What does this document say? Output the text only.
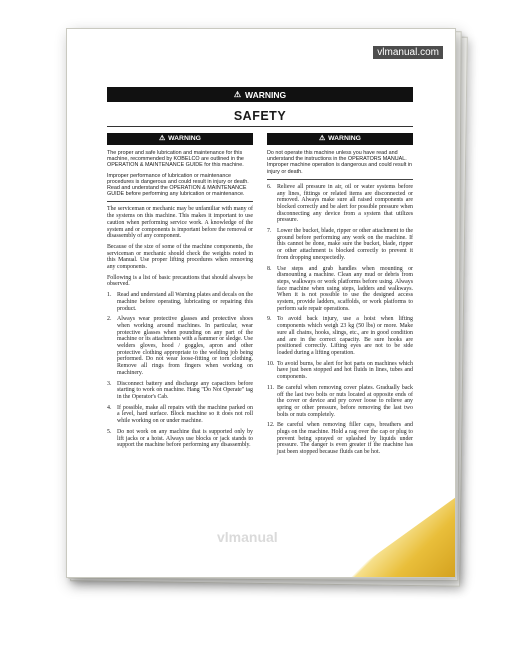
vlmanual.com
⚠ WARNING
SAFETY
⚠ WARNING

The proper and safe lubrication and maintenance for this machine, recommended by KOBELCO are outlined in the OPERATION & MAINTENANCE GUIDE for this machine.

Improper performance of lubrication or maintenance procedures is dangerous and could result in injury or death. Read and understand the OPERATION & MAINTENANCE GUIDE before performing any lubrication or maintenance.

The serviceman or mechanic may be unfamiliar with many of the systems on this machine. This makes it important to use caution when performing service work. A knowledge of the system and or components is important before the removal or disassembly of any component.

Because of the size of some of the machine components, the serviceman or mechanic should check the weights noted in this Manual. Use proper lifting procedures when removing any components.

Following is a list of basic precautions that should always be observed.

1. Read and understand all Warning plates and decals on the machine before operating, lubricating or repairing this product.
2. Always wear protective glasses and protective shoes when working around machines. In particular, wear protective glasses when pounding on any part of the machine or its attachments with a hammer or sledge. Use welders gloves, hood / goggles, apron and other protective clothing appropriate to the welding job being performed. Do not wear loose-fitting or torn clothing. Remove all rings from fingers when working on machinery.
3. Disconnect battery and discharge any capacitors before starting to work on machine. Hang "Do Not Operate" tag in the Operator's Cab.
4. If possible, make all repairs with the machine parked on a level, hard surface. Block machine so it does not roll while working on or under machine.
5. Do not work on any machine that is supported only by lift jacks or a hoist. Always use blocks or jack stands to support the machine before performing any disassembly.
⚠ WARNING

Do not operate this machine unless you have read and understand the instructions in the OPERATORS MANUAL. Improper machine operation is dangerous and could result in injury or death.

6. Relieve all pressure in air, oil or water systems before any lines, fittings or related items are disconnected or removed. Always make sure all raised components are blocked correctly and be alert for possible pressure when disconnecting any device from a system that utilizes pressure.
7. Lower the bucket, blade, ripper or other attachment to the ground before performing any work on the machine. If this cannot be done, make sure the bucket, blade, ripper or other attachment is blocked correctly to prevent it from dropping unexpectedly.
8. Use steps and grab handles when mounting or dismounting a machine. Clean any mud or debris from steps, walkways or work platforms before using. Always face machine when using steps, ladders and walkways. When it is not possible to use the designed access system, provide ladders, scaffolds, or work platforms to perform safe repair operations.
9. To avoid back injury, use a hoist when lifting components which weigh 23 kg (50 lbs) or more. Make sure all chains, hooks, slings, etc., are in good condition and are in the correct capacity. Be sure hooks are positioned correctly. Lifting eyes are not to be side loaded during a lifting operation.
10. To avoid burns, be alert for hot parts on machines which have just been stopped and hot fluids in lines, tubes and components.
11. Be careful when removing cover plates. Gradually back off the last two bolts or nuts located at opposite ends of the cover or device and pry cover loose to relieve any spring or other pressure, before removing the last two bolts or nuts completely.
12. Be careful when removing filler caps, breathers and plugs on the machine. Hold a rag over the cap or plug to prevent being sprayed or splashed by liquids under pressure. The danger is even greater if the machine has just been stopped because fluids can be hot.
vlmanual
